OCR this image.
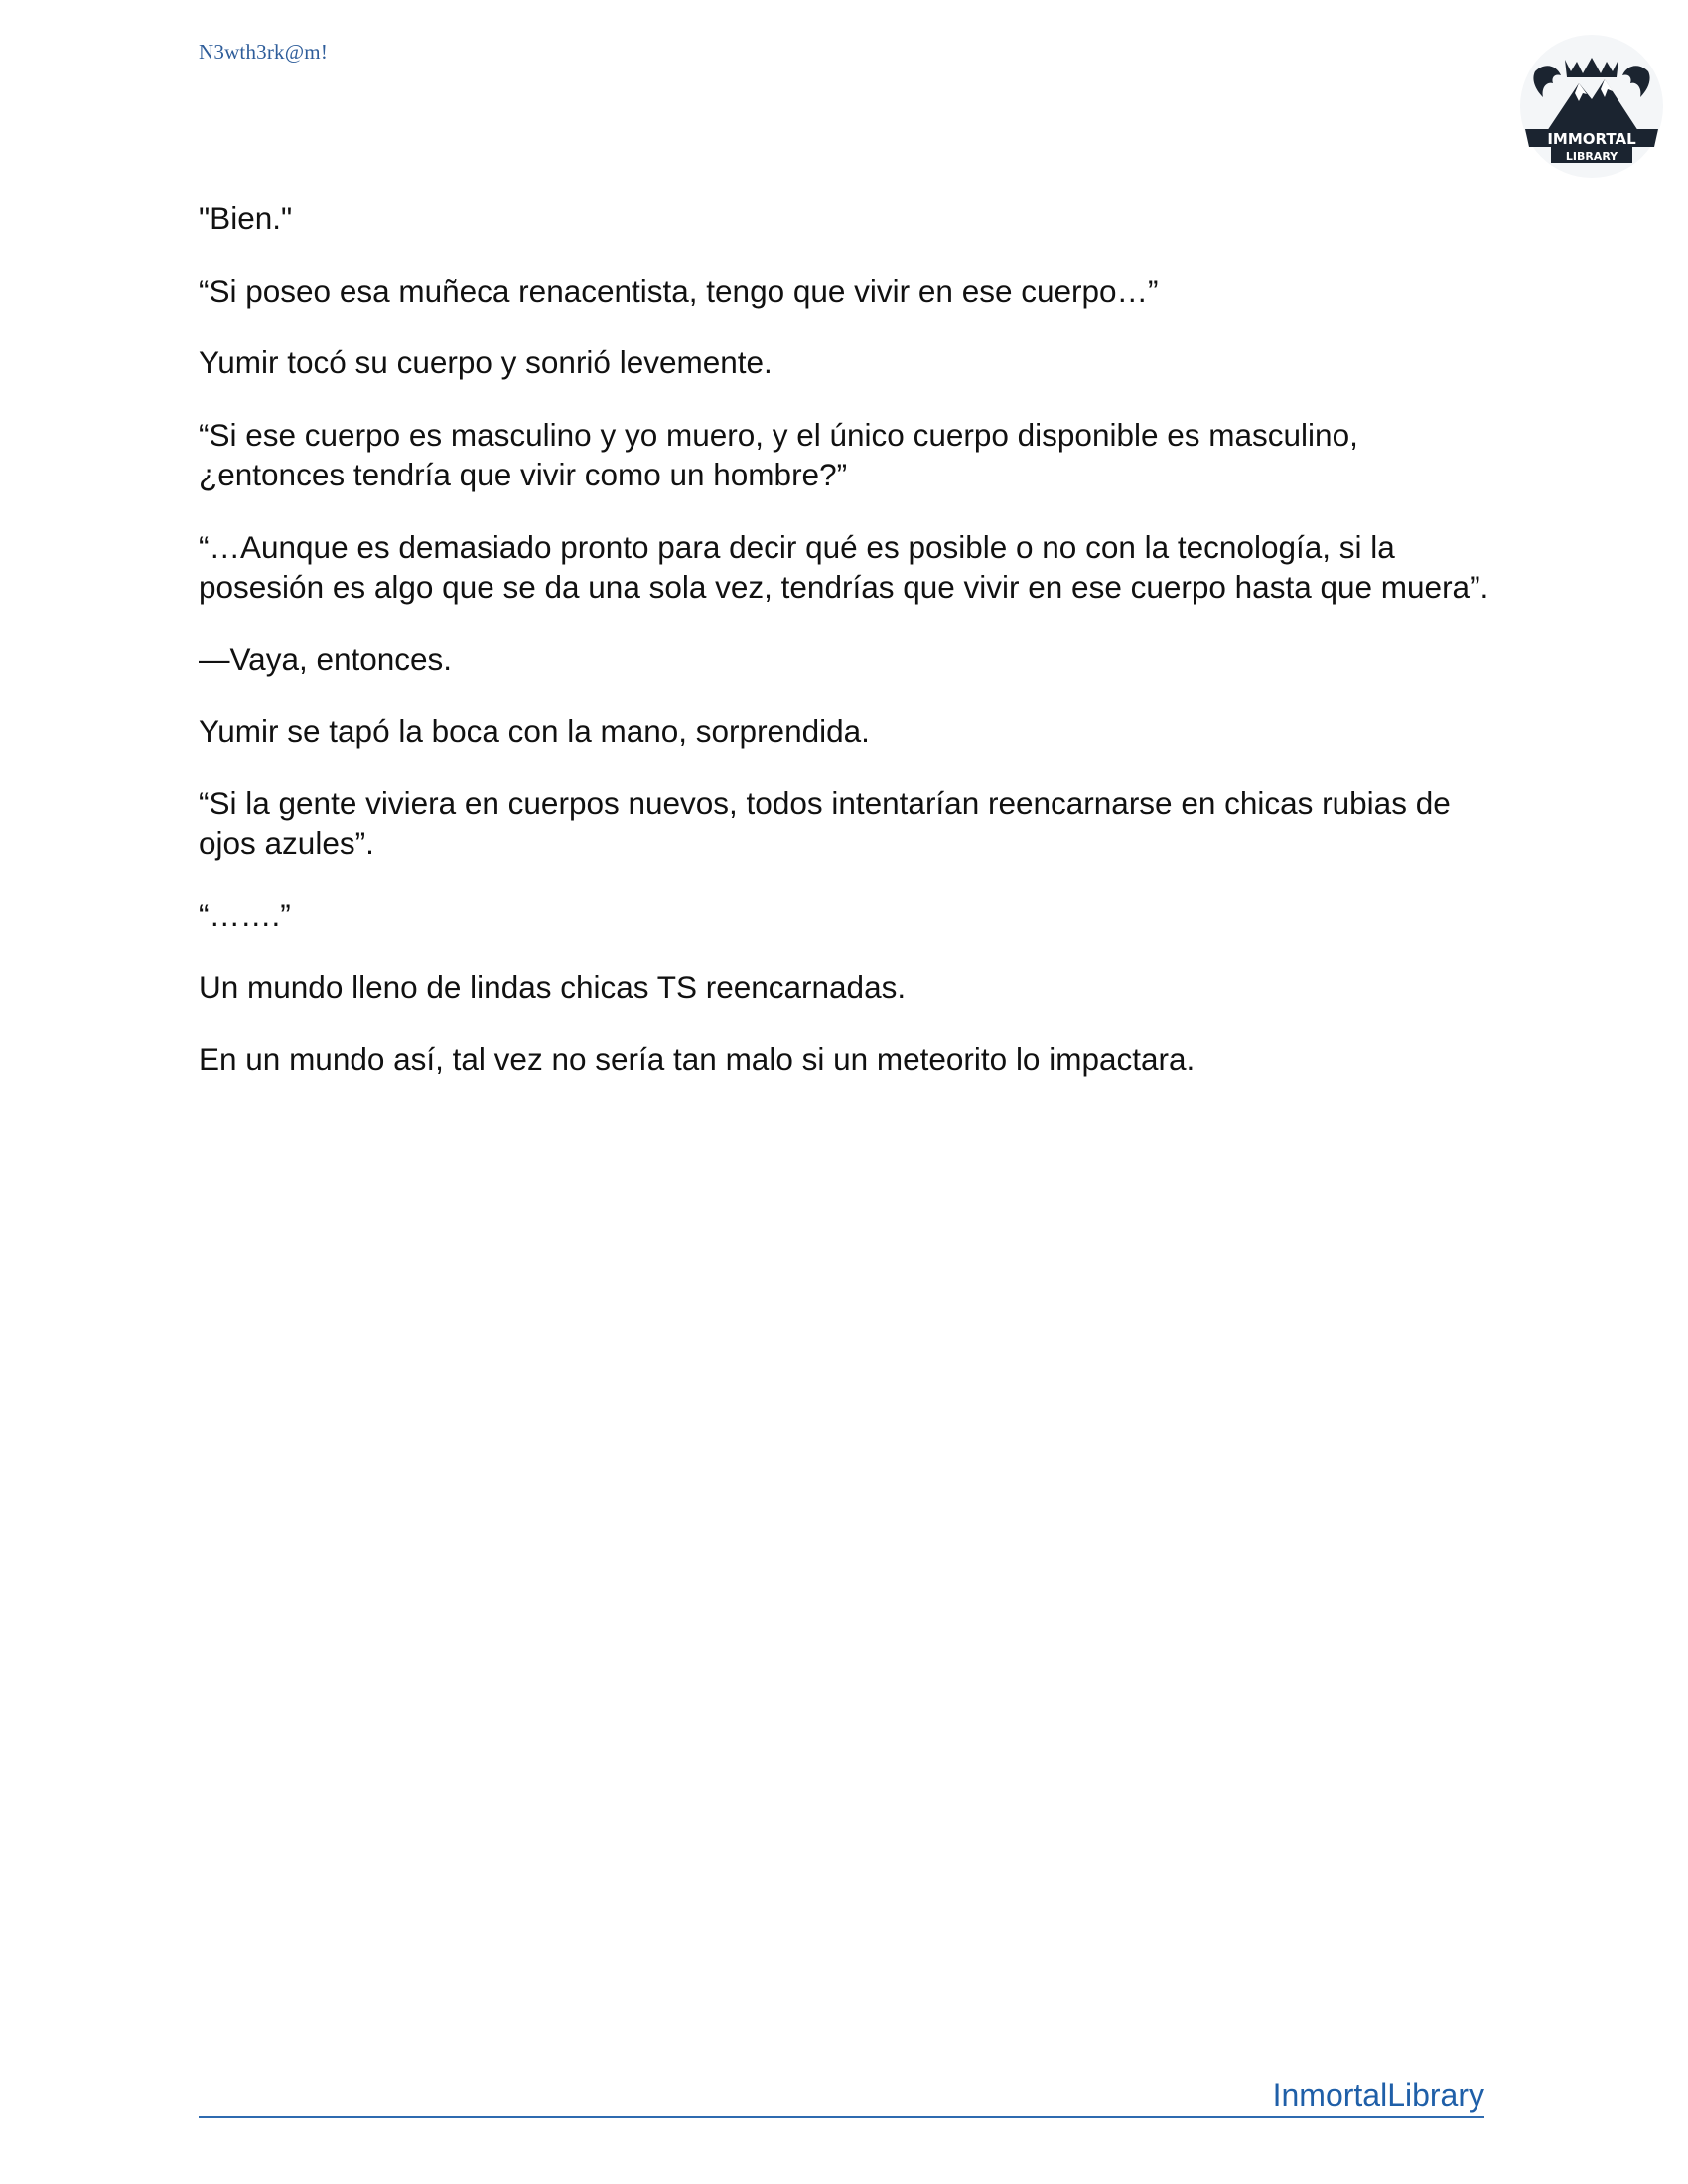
N3wth3rk@m!
IMMORTAL
LIBRARY

"Bien."

“Si poseo esa muñeca renacentista, tengo que vivir en ese cuerpo…”

Yumir tocó su cuerpo y sonrió levemente.

“Si ese cuerpo es masculino y yo muero, y el único cuerpo disponible es masculino, ¿entonces tendría que vivir como un hombre?”

“…Aunque es demasiado pronto para decir qué es posible o no con la tecnología, si la posesión es algo que se da una sola vez, tendrías que vivir en ese cuerpo hasta que muera”.

—Vaya, entonces.

Yumir se tapó la boca con la mano, sorprendida.

“Si la gente viviera en cuerpos nuevos, todos intentarían reencarnarse en chicas rubias de ojos azules”.

“…….”

Un mundo lleno de lindas chicas TS reencarnadas.

En un mundo así, tal vez no sería tan malo si un meteorito lo impactara.

InmortalLibrary
